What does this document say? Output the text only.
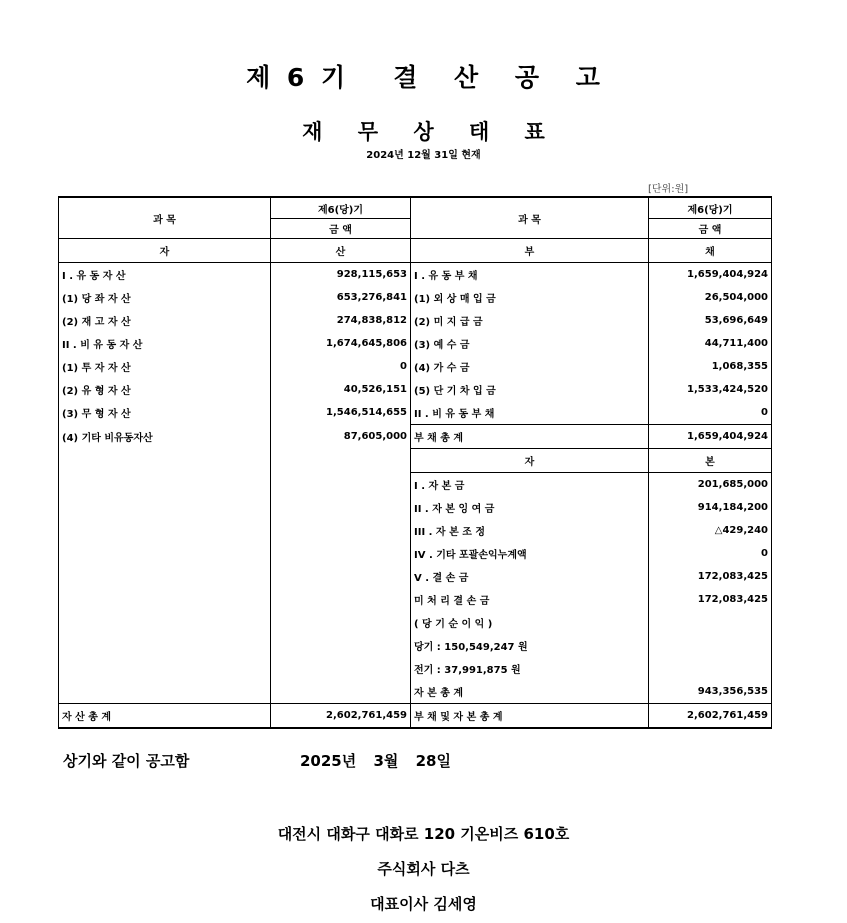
제 6 기 결 산 공 고
재 무 상 태 표
2024년 12월 31일 현재
[단위:원]
과 목	제6(당)기	과 목	제6(당)기
	금 액		금 액
자	산	부	채
I . 유 동 자 산	928,115,653	I . 유 동 부 채	1,659,404,924
(1) 당 좌 자 산	653,276,841	(1) 외 상 매 입 금	26,504,000
(2) 재 고 자 산	274,838,812	(2) 미 지 급 금	53,696,649
II . 비 유 동 자 산	1,674,645,806	(3) 예 수 금	44,711,400
(1) 투 자 자 산	0	(4) 가 수 금	1,068,355
(2) 유 형 자 산	40,526,151	(5) 단 기 차 입 금	1,533,424,520
(3) 무 형 자 산	1,546,514,655	II . 비 유 동 부 채	0
(4) 기타 비유동자산	87,605,000	부 채 총 계	1,659,404,924
		자	본
		I . 자 본 금	201,685,000
		II . 자 본 잉 여 금	914,184,200
		III . 자 본 조 정	△429,240
		IV . 기타 포괄손익누계액	0
		V . 결 손 금	172,083,425
		미 처 리 결 손 금	172,083,425
		( 당 기 순 이 익 )	
		당기 : 150,549,247 원	
		전기 : 37,991,875 원	
		자 본 총 계	943,356,535
자 산 총 계	2,602,761,459	부 채 및 자 본 총 계	2,602,761,459
상기와 같이 공고함	2025년 3월 28일
대전시 대화구 대화로 120 기온비즈 610호
주식회사 다츠
대표이사 김세영
